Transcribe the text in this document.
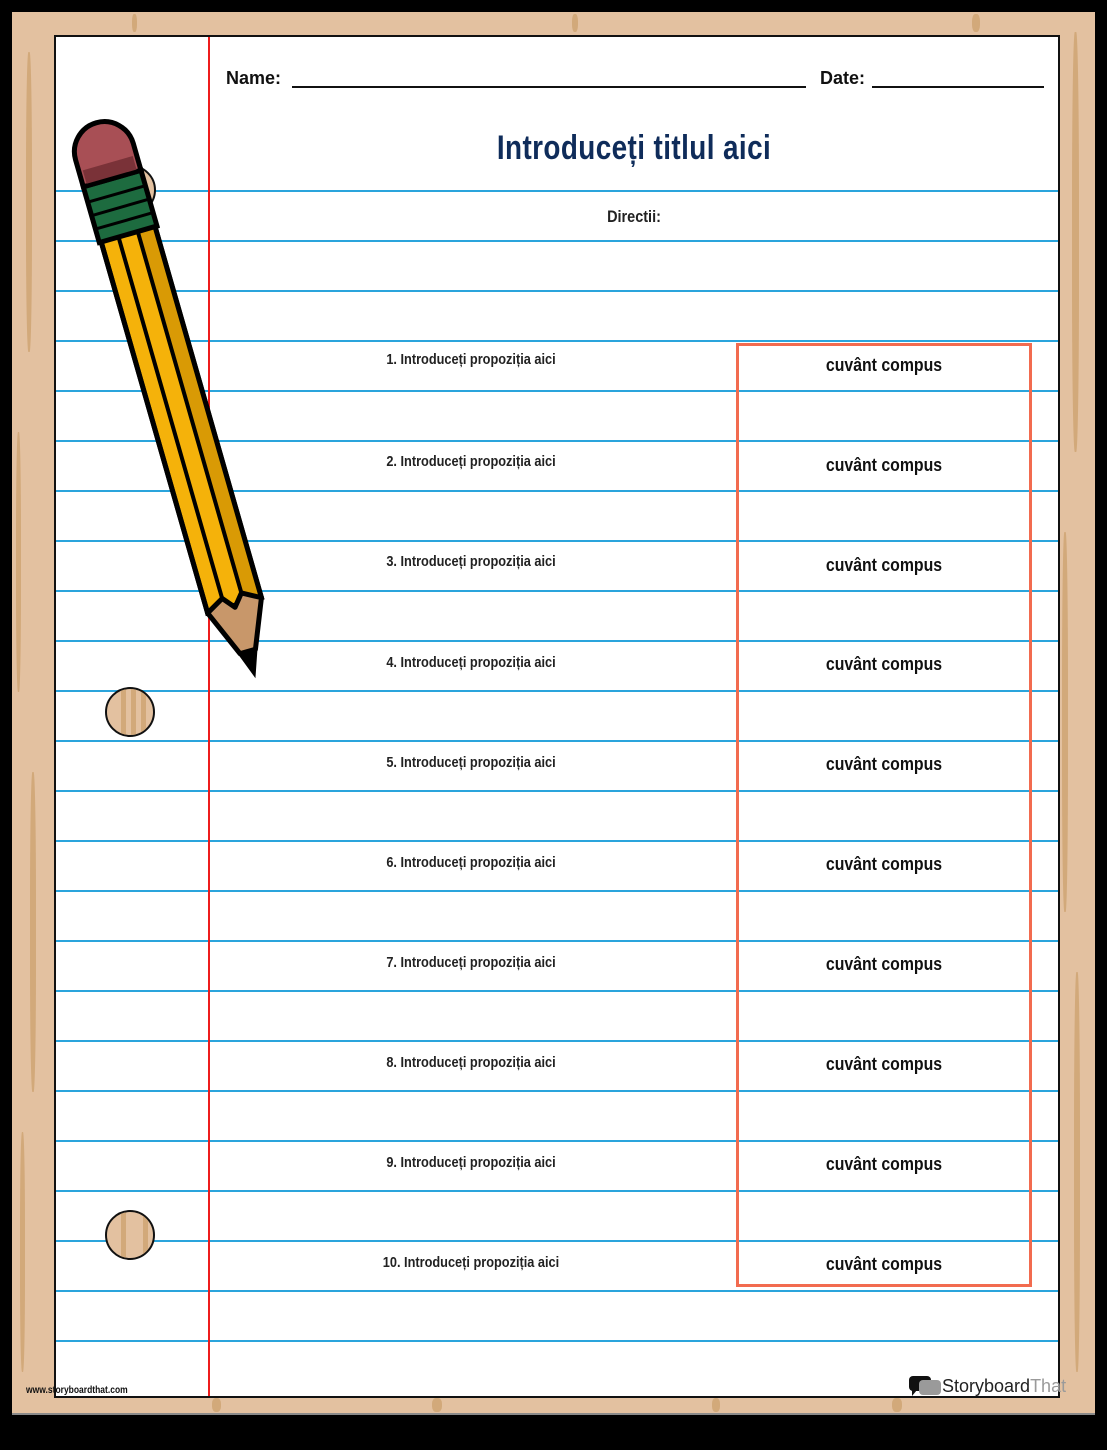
Name:	Date:
Introduceți titlul aici
Directii:
1. Introduceți propoziția aici
2. Introduceți propoziția aici
3. Introduceți propoziția aici
4. Introduceți propoziția aici
5. Introduceți propoziția aici
6. Introduceți propoziția aici
7. Introduceți propoziția aici
8. Introduceți propoziția aici
9. Introduceți propoziția aici
10. Introduceți propoziția aici
cuvânt compus
cuvânt compus
cuvânt compus
cuvânt compus
cuvânt compus
cuvânt compus
cuvânt compus
cuvânt compus
cuvânt compus
cuvânt compus
www.storyboardthat.com	Storyboard That
